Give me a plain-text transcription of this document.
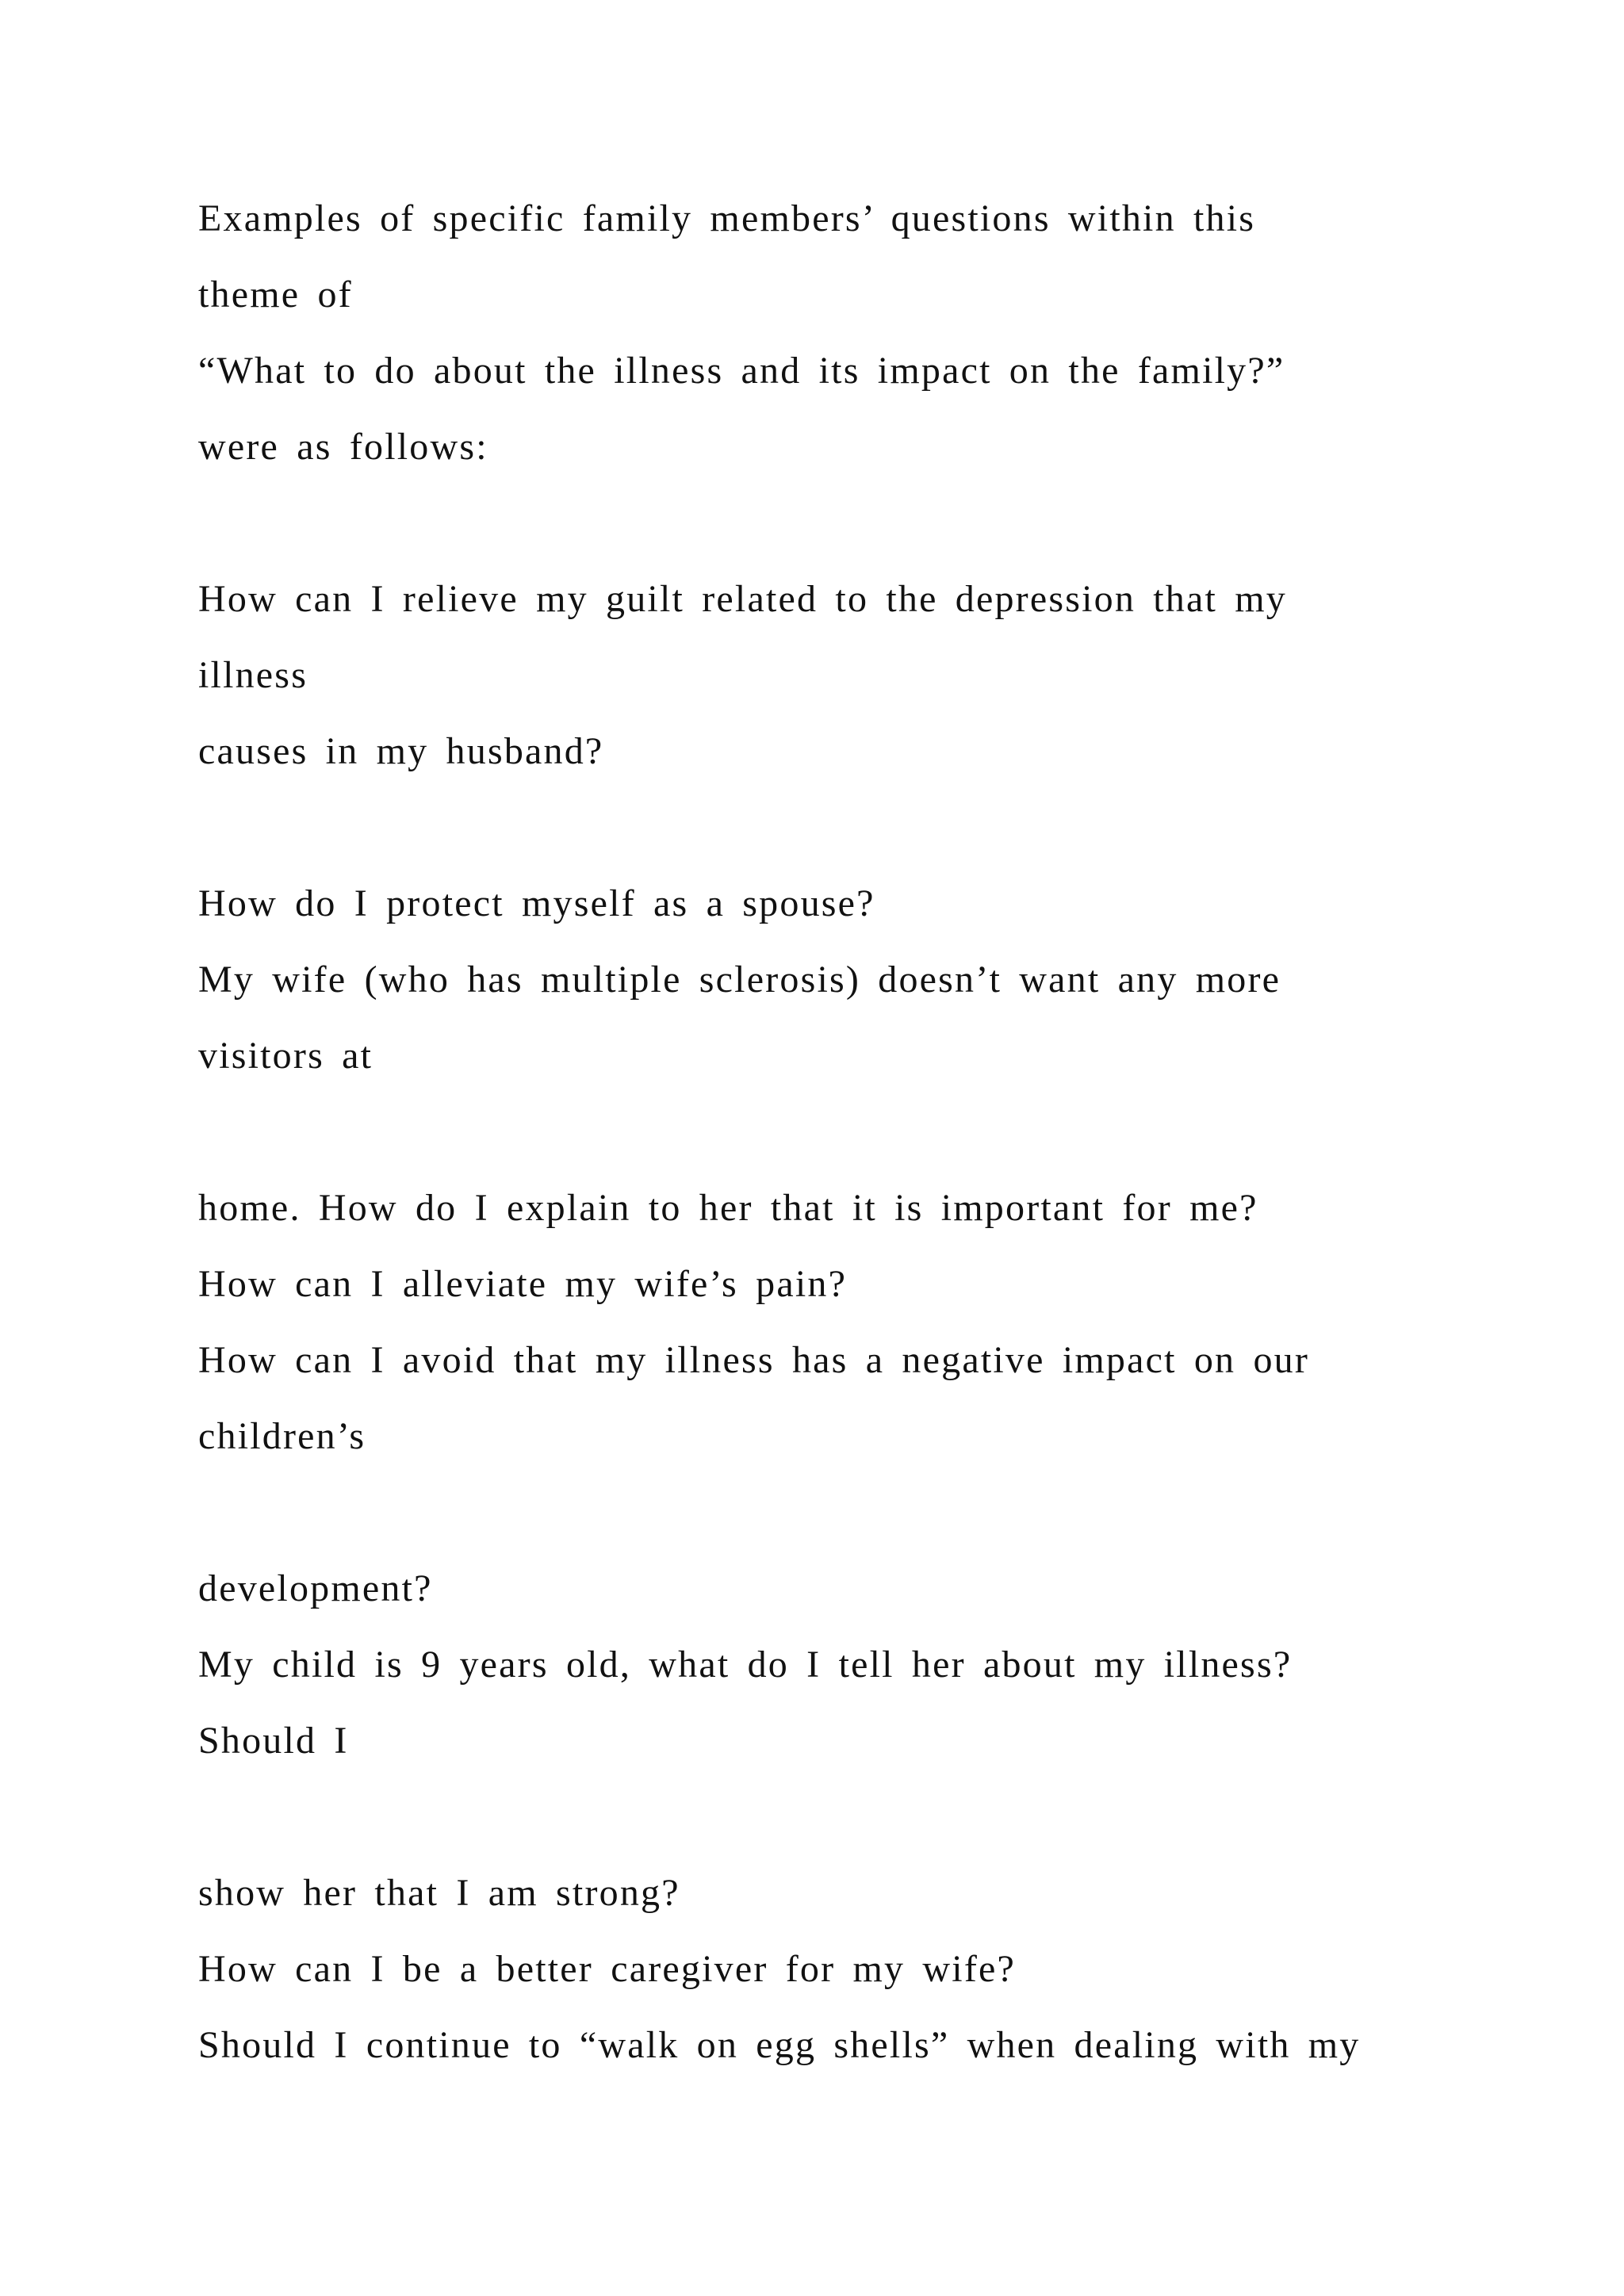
Examples of specific family members’ questions within this
theme of
“What to do about the illness and its impact on the family?”
were as follows:
How can I relieve my guilt related to the depression that my
illness
causes in my husband?
How do I protect myself as a spouse?
My wife (who has multiple sclerosis) doesn’t want any more
visitors at
home. How do I explain to her that it is important for me?
How can I alleviate my wife’s pain?
How can I avoid that my illness has a negative impact on our
children’s
development?
My child is 9 years old, what do I tell her about my illness?
Should I
show her that I am strong?
How can I be a better caregiver for my wife?
Should I continue to “walk on egg shells” when dealing with my
